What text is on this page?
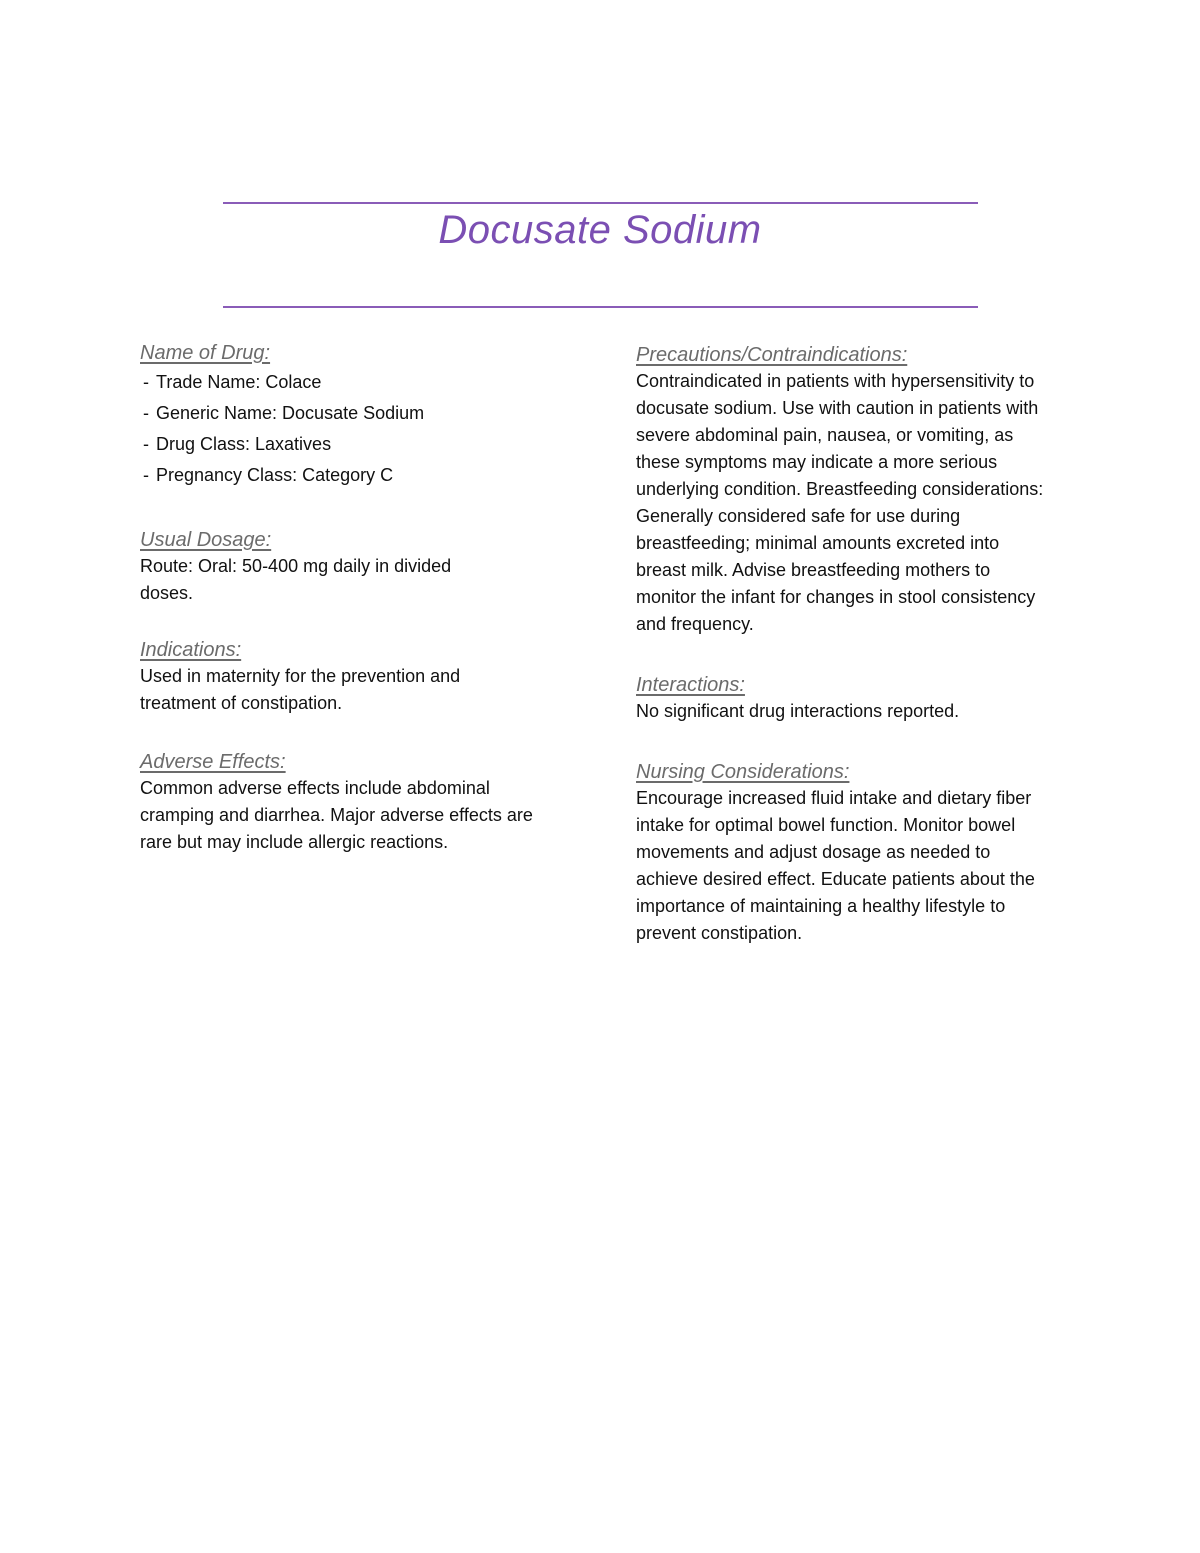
Docusate Sodium
Name of Drug:
- Trade Name: Colace
- Generic Name: Docusate Sodium
- Drug Class: Laxatives
- Pregnancy Class: Category C
Usual Dosage:
Route: Oral: 50-400 mg daily in divided doses.
Indications:
Used in maternity for the prevention and treatment of constipation.
Adverse Effects:
Common adverse effects include abdominal cramping and diarrhea. Major adverse effects are rare but may include allergic reactions.
Precautions/Contraindications:
Contraindicated in patients with hypersensitivity to docusate sodium. Use with caution in patients with severe abdominal pain, nausea, or vomiting, as these symptoms may indicate a more serious underlying condition. Breastfeeding considerations: Generally considered safe for use during breastfeeding; minimal amounts excreted into breast milk. Advise breastfeeding mothers to monitor the infant for changes in stool consistency and frequency.
Interactions:
No significant drug interactions reported.
Nursing Considerations:
Encourage increased fluid intake and dietary fiber intake for optimal bowel function. Monitor bowel movements and adjust dosage as needed to achieve desired effect. Educate patients about the importance of maintaining a healthy lifestyle to prevent constipation.
